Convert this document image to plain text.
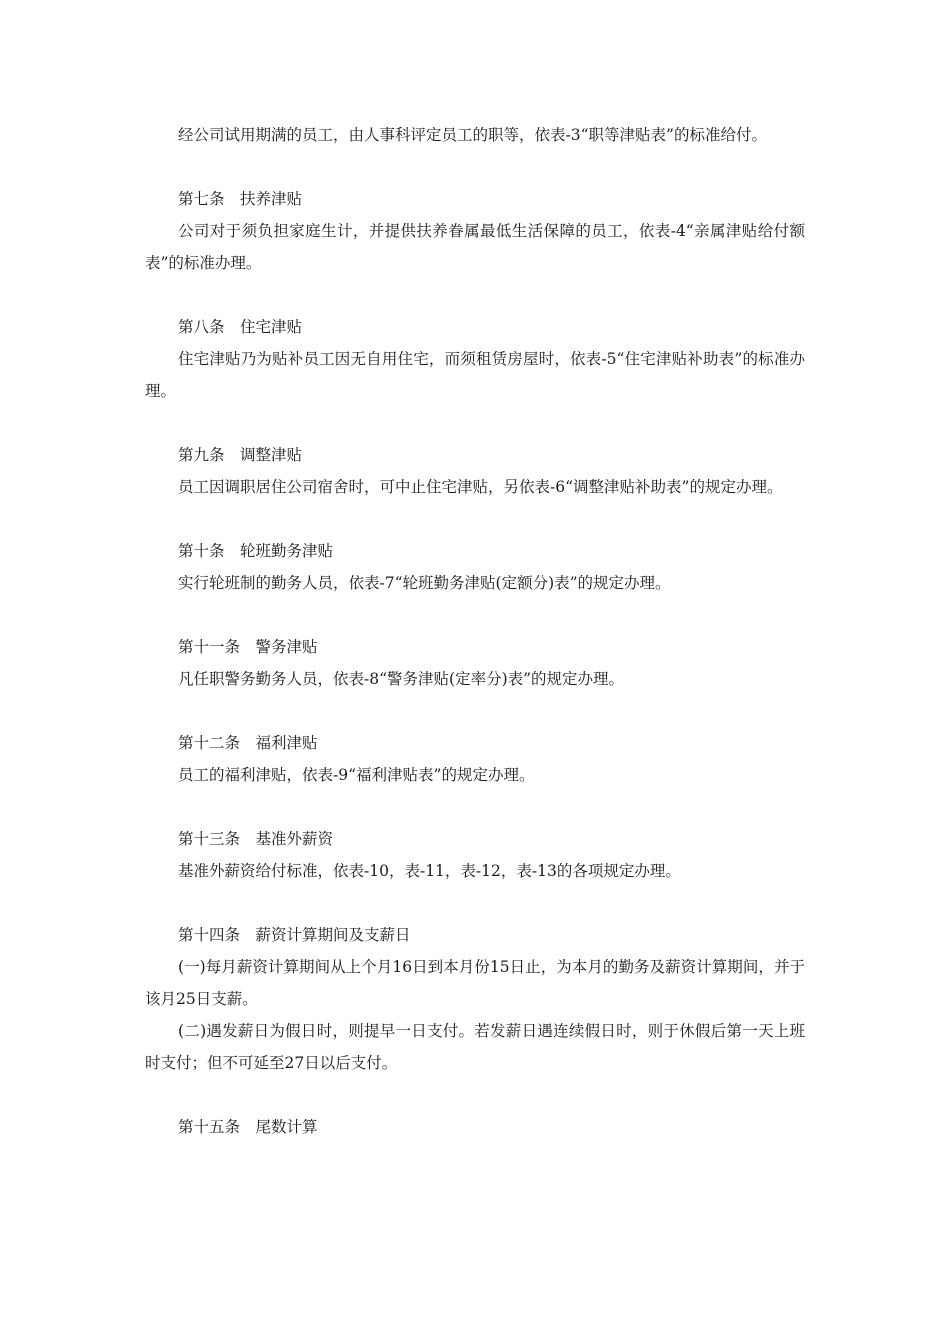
经公司试用期满的员工，由人事科评定员工的职等，依表-3“职等津贴表”的标准给付。

第七条　扶养津贴

公司对于须负担家庭生计，并提供扶养眷属最低生活保障的员工，依表-4“亲属津贴给付额表”的标准办理。

第八条　住宅津贴

住宅津贴乃为贴补员工因无自用住宅，而须租赁房屋时，依表-5“住宅津贴补助表”的标准办理。

第九条　调整津贴

员工因调职居住公司宿舍时，可中止住宅津贴，另依表-6“调整津贴补助表”的规定办理。

第十条　轮班勤务津贴

实行轮班制的勤务人员，依表-7“轮班勤务津贴(定额分)表”的规定办理。

第十一条　警务津贴

凡任职警务勤务人员，依表-8“警务津贴(定率分)表”的规定办理。

第十二条　福利津贴

员工的福利津贴，依表-9“福利津贴表”的规定办理。

第十三条　基准外薪资

基准外薪资给付标准，依表-10，表-11，表-12，表-13的各项规定办理。

第十四条　薪资计算期间及支薪日

(一)每月薪资计算期间从上个月16日到本月份15日止，为本月的勤务及薪资计算期间，并于该月25日支薪。

(二)遇发薪日为假日时，则提早一日支付。若发薪日遇连续假日时，则于休假后第一天上班时支付；但不可延至27日以后支付。

第十五条　尾数计算
